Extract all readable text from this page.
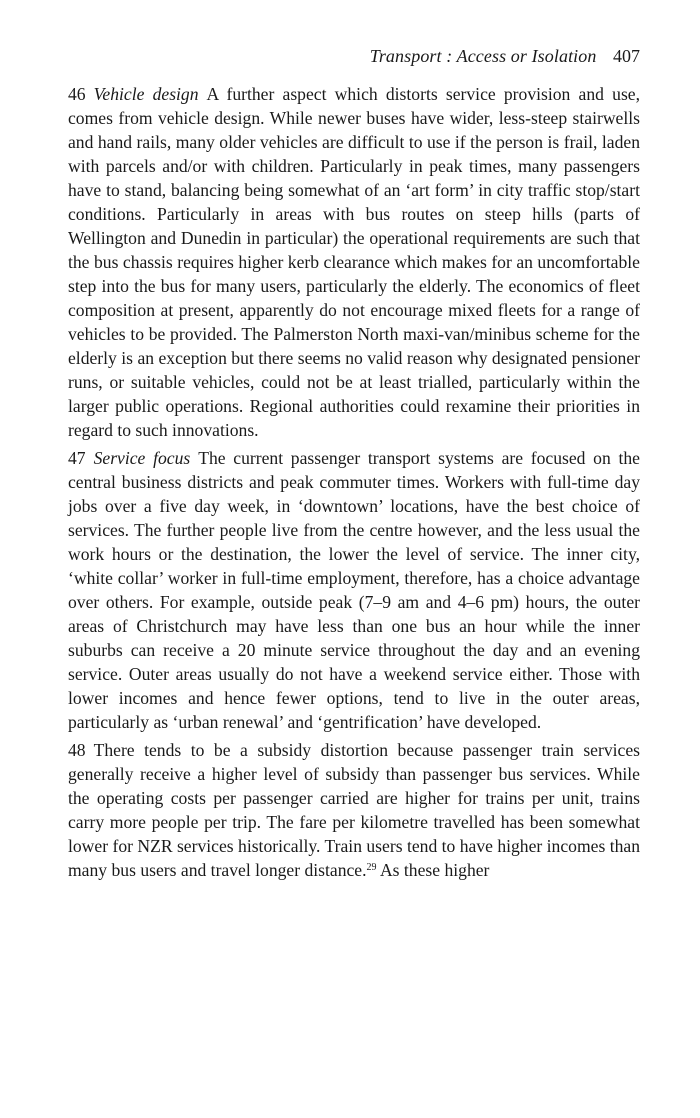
Transport : Access or Isolation 407

46 Vehicle design A further aspect which distorts service provision and use, comes from vehicle design. While newer buses have wider, less-steep stairwells and hand rails, many older vehicles are difficult to use if the person is frail, laden with parcels and/or with children. Particularly in peak times, many passengers have to stand, balancing being somewhat of an ‘art form’ in city traffic stop/start conditions. Particularly in areas with bus routes on steep hills (parts of Wellington and Dunedin in particular) the operational requirements are such that the bus chassis requires higher kerb clearance which makes for an uncomfortable step into the bus for many users, particularly the elderly. The economics of fleet composition at present, apparently do not encourage mixed fleets for a range of vehicles to be provided. The Palmerston North maxi-van/minibus scheme for the elderly is an exception but there seems no valid reason why designated pensioner runs, or suitable vehicles, could not be at least trialled, particularly within the larger public operations. Regional authorities could rexamine their priorities in regard to such innovations.

47 Service focus The current passenger transport systems are focused on the central business districts and peak commuter times. Workers with full-time day jobs over a five day week, in ‘downtown’ locations, have the best choice of services. The further people live from the centre however, and the less usual the work hours or the destination, the lower the level of service. The inner city, ‘white collar’ worker in full-time employment, therefore, has a choice advantage over others. For example, outside peak (7–9 am and 4–6 pm) hours, the outer areas of Christchurch may have less than one bus an hour while the inner suburbs can receive a 20 minute service throughout the day and an evening service. Outer areas usually do not have a weekend service either. Those with lower incomes and hence fewer options, tend to live in the outer areas, particularly as ‘urban renewal’ and ‘gentrification’ have developed.

48 There tends to be a subsidy distortion because passenger train services generally receive a higher level of subsidy than passenger bus services. While the operating costs per passenger carried are higher for trains per unit, trains carry more people per trip. The fare per kilometre travelled has been somewhat lower for NZR services historically. Train users tend to have higher incomes than many bus users and travel longer distance.$^{29}$ As these higher
